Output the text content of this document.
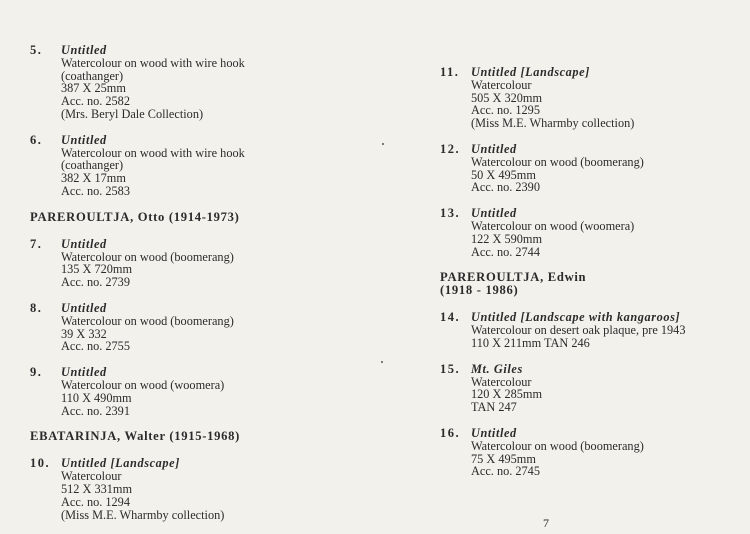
5.	Untitled
Watercolour on wood with wire hook
(coathanger)
387 X 25mm
Acc. no. 2582
(Mrs. Beryl Dale Collection)
6.	Untitled
Watercolour on wood with wire hook
(coathanger)
382 X 17mm
Acc. no. 2583
PAREROULTJA, Otto (1914-1973)
7.	Untitled
Watercolour on wood (boomerang)
135 X 720mm
Acc. no. 2739
8.	Untitled
Watercolour on wood (boomerang)
39 X 332
Acc. no. 2755
9.	Untitled
Watercolour on wood (woomera)
110 X 490mm
Acc. no. 2391
EBATARINJA, Walter (1915-1968)
10. Untitled [Landscape]
Watercolour
512 X 331mm
Acc. no. 1294
(Miss M.E. Wharmby collection)
11. Untitled [Landscape]
Watercolour
505 X 320mm
Acc. no. 1295
(Miss M.E. Wharmby collection)
12. Untitled
Watercolour on wood (boomerang)
50 X 495mm
Acc. no. 2390
13. Untitled
Watercolour on wood (woomera)
122 X 590mm
Acc. no. 2744
PAREROULTJA, Edwin
(1918 - 1986)
14. Untitled [Landscape with kangaroos]
Watercolour on desert oak plaque, pre 1943
110 X 211mm TAN 246
15. Mt. Giles
Watercolour
120 X 285mm
TAN 247
16. Untitled
Watercolour on wood (boomerang)
75 X 495mm
Acc. no. 2745
7
